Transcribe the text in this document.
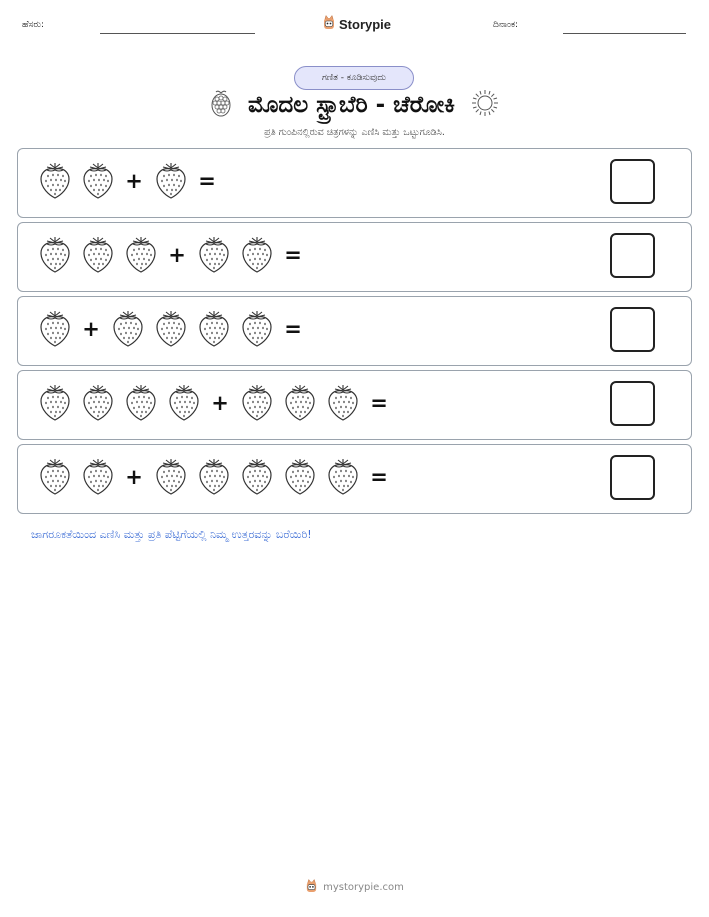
ಹೆಸರು:	Storypie	ದಿನಾಂಕ:
ಗಣಿತ - ಕೂಡಿಸುವುದು
ಮೊದಲ ಸ್ಟ್ರಾಬೆರಿ - ಚೆರೋಕಿ
ಪ್ರತಿ ಗುಂಪಿನಲ್ಲಿರುವ ಚಿತ್ರಗಳನ್ನು ಎಣಿಸಿ ಮತ್ತು ಒಟ್ಟುಗೂಡಿಸಿ.
+	=
+	=
+	=
+	=
+	=
ಜಾಗರೂಕತೆಯಿಂದ ಎಣಿಸಿ ಮತ್ತು ಪ್ರತಿ ಪೆಟ್ಟಿಗೆಯಲ್ಲಿ ನಿಮ್ಮ ಉತ್ತರವನ್ನು ಬರೆಯಿರಿ!
mystorypie.com
